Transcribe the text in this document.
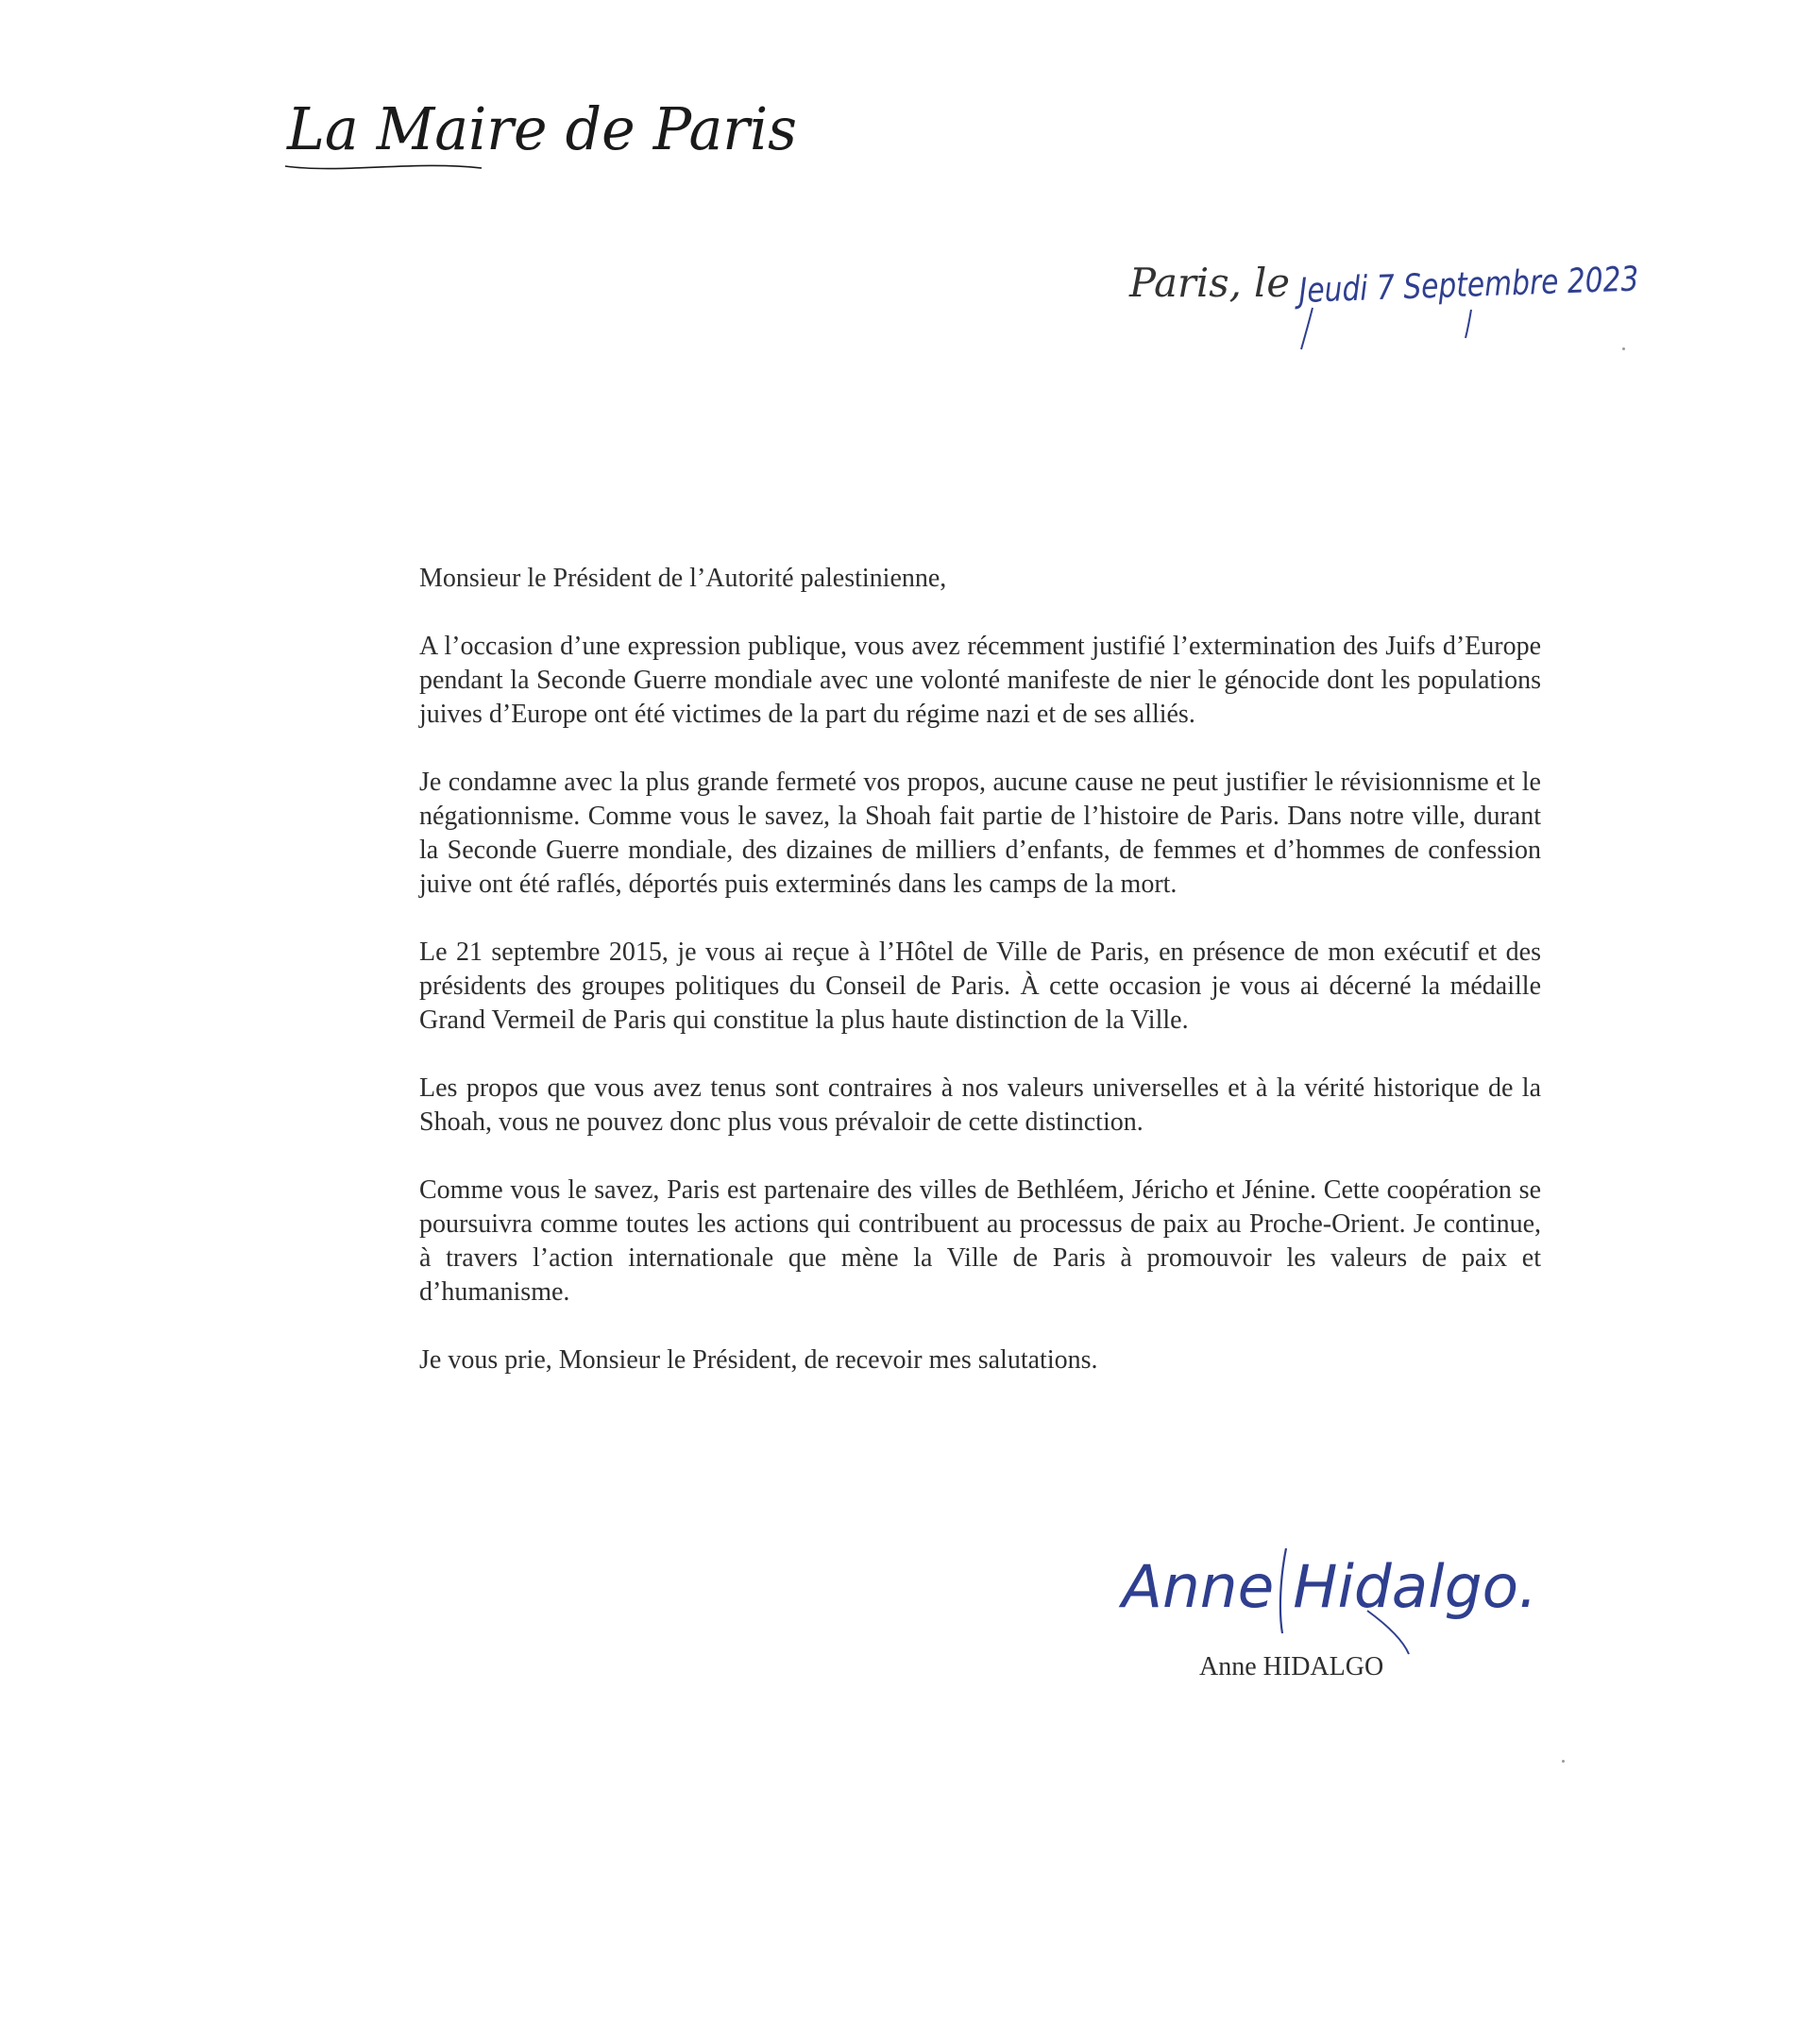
La Maire de Paris
Paris, le Jeudi 7 Septembre 2023

Monsieur le Président de l’Autorité palestinienne,

A l’occasion d’une expression publique, vous avez récemment justifié l’extermination des Juifs d’Europe pendant la Seconde Guerre mondiale avec une volonté manifeste de nier le génocide dont les populations juives d’Europe ont été victimes de la part du régime nazi et de ses alliés.

Je condamne avec la plus grande fermeté vos propos, aucune cause ne peut justifier le révisionnisme et le négationnisme. Comme vous le savez, la Shoah fait partie de l’histoire de Paris. Dans notre ville, durant la Seconde Guerre mondiale, des dizaines de milliers d’enfants, de femmes et d’hommes de confession juive ont été raflés, déportés puis exterminés dans les camps de la mort.

Le 21 septembre 2015, je vous ai reçue à l’Hôtel de Ville de Paris, en présence de mon exécutif et des présidents des groupes politiques du Conseil de Paris. À cette occasion je vous ai décerné la médaille Grand Vermeil de Paris qui constitue la plus haute distinction de la Ville.

Les propos que vous avez tenus sont contraires à nos valeurs universelles et à la vérité historique de la Shoah, vous ne pouvez donc plus vous prévaloir de cette distinction.

Comme vous le savez, Paris est partenaire des villes de Bethléem, Jéricho et Jénine. Cette coopération se poursuivra comme toutes les actions qui contribuent au processus de paix au Proche-Orient. Je continue, à travers l’action internationale que mène la Ville de Paris à promouvoir les valeurs de paix et d’humanisme.

Je vous prie, Monsieur le Président, de recevoir mes salutations.

Anne Hidalgo.
Anne HIDALGO
